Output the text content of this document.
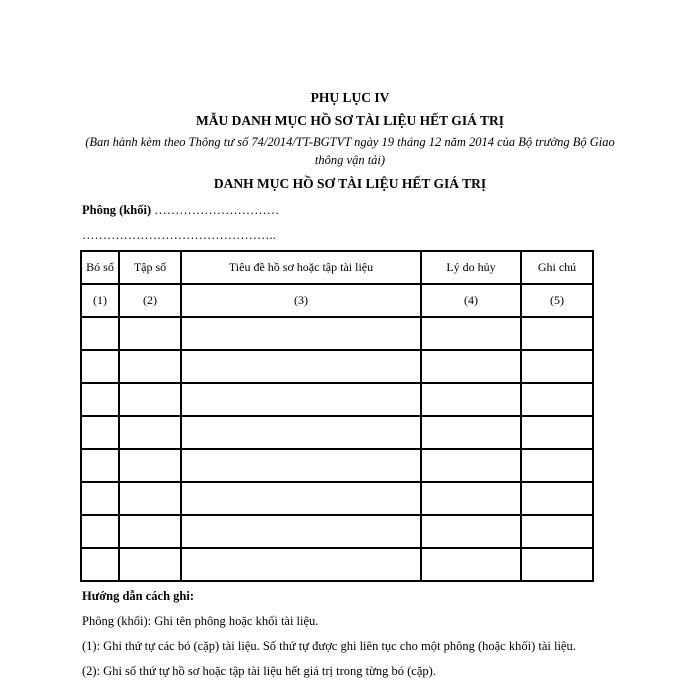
PHỤ LỤC IV
MẪU DANH MỤC HỒ SƠ TÀI LIỆU HẾT GIÁ TRỊ
(Ban hành kèm theo Thông tư số 74/2014/TT-BGTVT ngày 19 tháng 12 năm 2014 của Bộ trưởng Bộ Giao thông vận tải)
DANH MỤC HỒ SƠ TÀI LIỆU HẾT GIÁ TRỊ
Phông (khối) …………………………
………………………………………..
Bó số	Tập số	Tiêu đề hồ sơ hoặc tập tài liệu	Lý do hủy	Ghi chú
(1)	(2)	(3)	(4)	(5)

Hướng dẫn cách ghi:

Phông (khối): Ghi tên phông hoặc khối tài liệu.

(1): Ghi thứ tự các bó (cặp) tài liệu. Số thứ tự được ghi liên tục cho một phông (hoặc khối) tài liệu.

(2): Ghi số thứ tự hồ sơ hoặc tập tài liệu hết giá trị trong từng bó (cặp).
